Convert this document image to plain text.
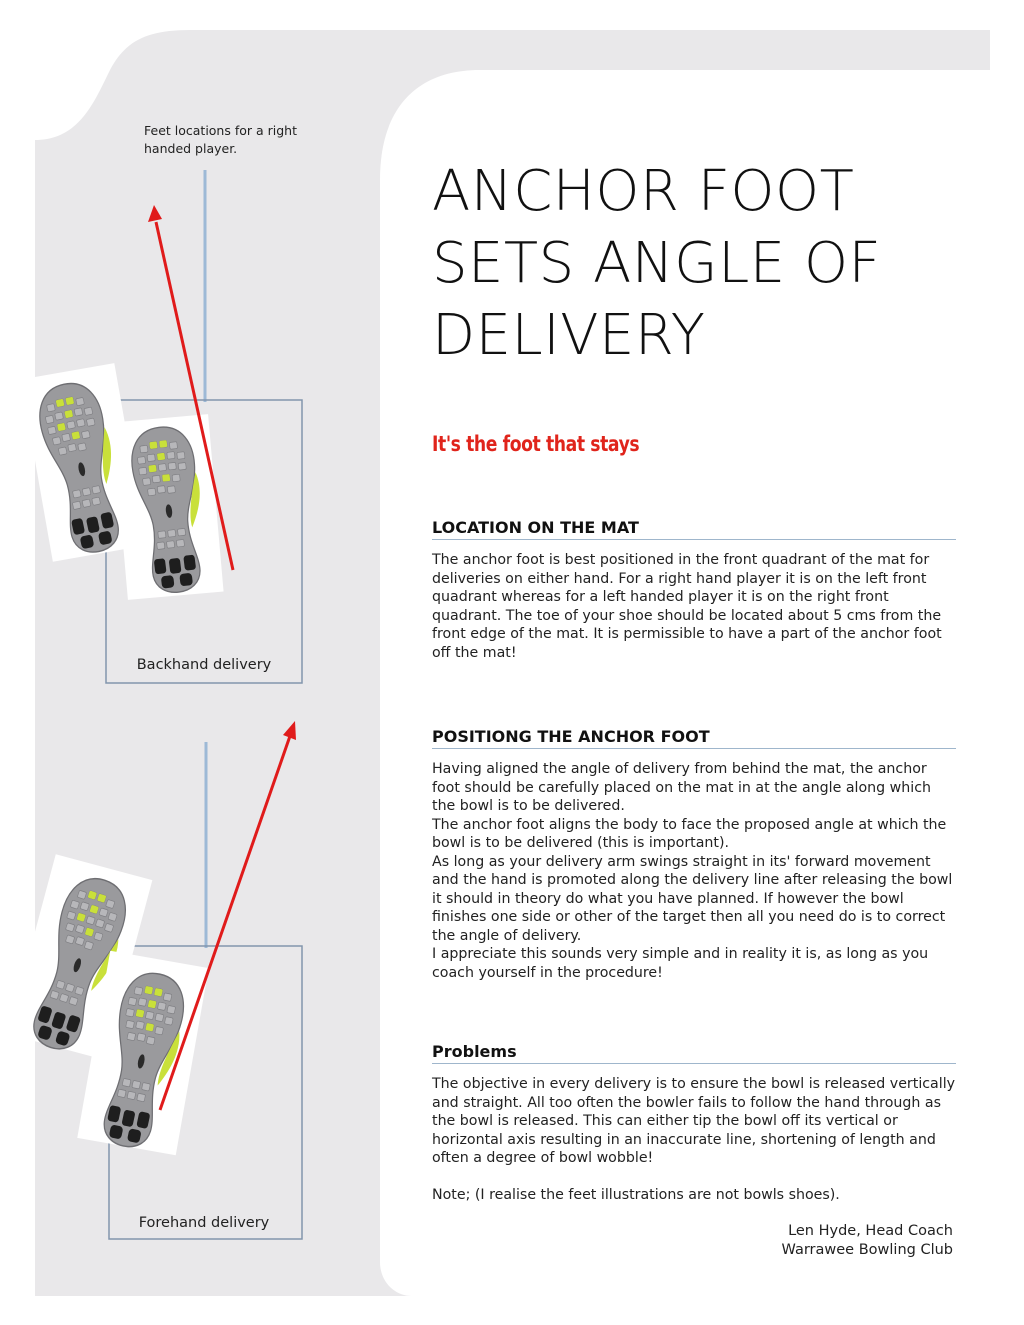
Feet locations for a right handed player.
Backhand delivery
Forehand delivery
ANCHOR FOOT SETS ANGLE OF DELIVERY
It's the foot that stays
LOCATION ON THE MAT

The anchor foot is best positioned in the front quadrant of the mat for deliveries on either hand. For a right hand player it is on the left front quadrant whereas for a left handed player it is on the right front quadrant. The toe of your shoe should be located about 5 cms from the front edge of the mat. It is permissible to have a part of the anchor foot off the mat!

POSITIONG THE ANCHOR FOOT

Having aligned the angle of delivery from behind the mat, the anchor foot should be carefully placed on the mat in at the angle along which the bowl is to be delivered.

The anchor foot aligns the body to face the proposed angle at which the bowl is to be delivered (this is important).

As long as your delivery arm swings straight in its' forward movement and the hand is promoted along the delivery line after releasing the bowl it should in theory do what you have planned. If however the bowl finishes one side or other of the target then all you need do is to correct the angle of delivery.

I appreciate this sounds very simple and in reality it is, as long as you coach yourself in the procedure!

Problems

The objective in every delivery is to ensure the bowl is released vertically and straight. All too often the bowler fails to follow the hand through as the bowl is released. This can either tip the bowl off its vertical or horizontal axis resulting in an inaccurate line, shortening of length and often a degree of bowl wobble!

Note; (I realise the feet illustrations are not bowls shoes).

Len Hyde, Head Coach
Warrawee Bowling Club
